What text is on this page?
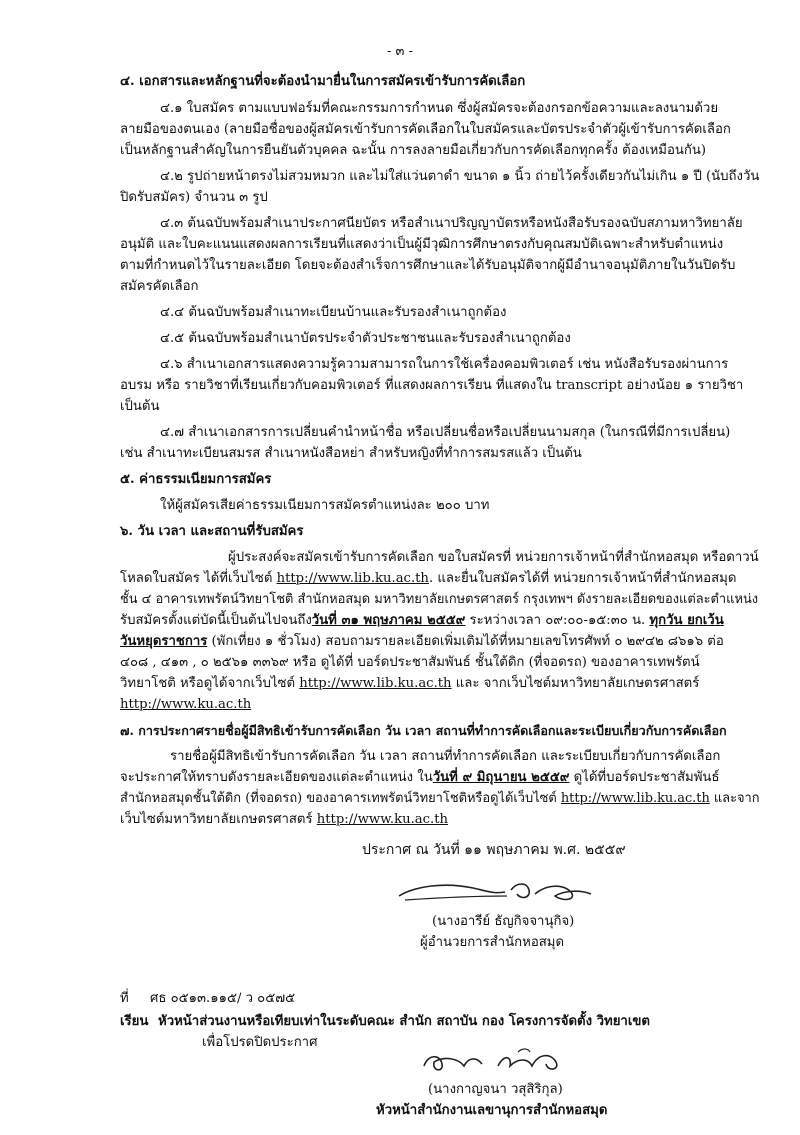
- ๓ -
๔. เอกสารและหลักฐานที่จะต้องนำมายื่นในการสมัครเข้ารับการคัดเลือก
๔.๑ ใบสมัคร ตามแบบฟอร์มที่คณะกรรมการกำหนด ซึ่งผู้สมัครจะต้องกรอกข้อความและลงนามด้วย
ลายมือของตนเอง (ลายมือชื่อของผู้สมัครเข้ารับการคัดเลือกในใบสมัครและบัตรประจำตัวผู้เข้ารับการคัดเลือก
เป็นหลักฐานสำคัญในการยืนยันตัวบุคคล ฉะนั้น การลงลายมือเกี่ยวกับการคัดเลือกทุกครั้ง ต้องเหมือนกัน)
๔.๒ รูปถ่ายหน้าตรงไม่สวมหมวก และไม่ใส่แว่นตาดำ ขนาด ๑ นิ้ว ถ่ายไว้ครั้งเดียวกันไม่เกิน ๑ ปี (นับถึงวัน
ปิดรับสมัคร) จำนวน ๓ รูป
๔.๓ ต้นฉบับพร้อมสำเนาประกาศนียบัตร หรือสำเนาปริญญาบัตรหรือหนังสือรับรองฉบับสภามหาวิทยาลัย
อนุมัติ และใบคะแนนแสดงผลการเรียนที่แสดงว่าเป็นผู้มีวุฒิการศึกษาตรงกับคุณสมบัติเฉพาะสำหรับตำแหน่ง
ตามที่กำหนดไว้ในรายละเอียด โดยจะต้องสำเร็จการศึกษาและได้รับอนุมัติจากผู้มีอำนาจอนุมัติภายในวันปิดรับ
สมัครคัดเลือก
๔.๔ ต้นฉบับพร้อมสำเนาทะเบียนบ้านและรับรองสำเนาถูกต้อง
๔.๕ ต้นฉบับพร้อมสำเนาบัตรประจำตัวประชาชนและรับรองสำเนาถูกต้อง
๔.๖ สำเนาเอกสารแสดงความรู้ความสามารถในการใช้เครื่องคอมพิวเตอร์ เช่น หนังสือรับรองผ่านการ
อบรม หรือ รายวิชาที่เรียนเกี่ยวกับคอมพิวเตอร์ ที่แสดงผลการเรียน ที่แสดงใน transcript อย่างน้อย ๑ รายวิชา
เป็นต้น
๔.๗ สำเนาเอกสารการเปลี่ยนคำนำหน้าชื่อ หรือเปลี่ยนชื่อหรือเปลี่ยนนามสกุล (ในกรณีที่มีการเปลี่ยน)
เช่น สำเนาทะเบียนสมรส สำเนาหนังสือหย่า สำหรับหญิงที่ทำการสมรสแล้ว เป็นต้น
๕. ค่าธรรมเนียมการสมัคร
ให้ผู้สมัครเสียค่าธรรมเนียมการสมัครตำแหน่งละ ๒๐๐ บาท
๖. วัน เวลา และสถานที่รับสมัคร
ผู้ประสงค์จะสมัครเข้ารับการคัดเลือก ขอใบสมัครที่ หน่วยการเจ้าหน้าที่สำนักหอสมุด หรือดาวน์
โหลดใบสมัคร ได้ที่เว็บไซต์ http://www.lib.ku.ac.th. และยื่นใบสมัครได้ที่ หน่วยการเจ้าหน้าที่สำนักหอสมุด
ชั้น ๔ อาคารเทพรัตน์วิทยาโชติ สำนักหอสมุด มหาวิทยาลัยเกษตรศาสตร์ กรุงเทพฯ ดังรายละเอียดของแต่ละตำแหน่ง
รับสมัครตั้งแต่บัดนี้เป็นต้นไปจนถึงวันที่ ๓๑ พฤษภาคม ๒๕๕๙ ระหว่างเวลา ๐๙:๐๐-๑๕:๓๐ น. ทุกวัน ยกเว้น
วันหยุดราชการ (พักเที่ยง ๑ ชั่วโมง) สอบถามรายละเอียดเพิ่มเติมได้ที่หมายเลขโทรศัพท์ ๐ ๒๙๔๒ ๘๖๑๖ ต่อ
๔๐๘ , ๔๑๓ , ๐ ๒๕๖๑ ๓๓๖๙ หรือ ดูได้ที่ บอร์ดประชาสัมพันธ์ ชั้นใต้ดิก (ที่จอดรถ) ของอาคารเทพรัตน์
วิทยาโชติ หรือดูได้จากเว็บไซต์ http://www.lib.ku.ac.th และ จากเว็บไซต์มหาวิทยาลัยเกษตรศาสตร์
http://www.ku.ac.th
๗. การประกาศรายชื่อผู้มีสิทธิเข้ารับการคัดเลือก วัน เวลา สถานที่ทำการคัดเลือกและระเบียบเกี่ยวกับการคัดเลือก
รายชื่อผู้มีสิทธิเข้ารับการคัดเลือก วัน เวลา สถานที่ทำการคัดเลือก และระเบียบเกี่ยวกับการคัดเลือก
จะประกาศให้ทราบดังรายละเอียดของแต่ละตำแหน่ง ในวันที่ ๙ มิถุนายน ๒๕๕๙ ดูได้ที่บอร์ดประชาสัมพันธ์
สำนักหอสมุดชั้นใต้ดิก (ที่จอดรถ) ของอาคารเทพรัตน์วิทยาโชติหรือดูได้เว็บไซต์ http://www.lib.ku.ac.th และจาก
เว็บไซต์มหาวิทยาลัยเกษตรศาสตร์ http://www.ku.ac.th
ประกาศ ณ วันที่ ๑๑ พฤษภาคม พ.ศ. ๒๕๕๙
(นางอารีย์ ธัญกิจจานุกิจ)
ผู้อำนวยการสำนักหอสมุด
ที่ ศธ ๐๕๑๓.๑๑๕/ ว ๐๕๗๕
เรียน หัวหน้าส่วนงานหรือเทียบเท่าในระดับคณะ สำนัก สถาบัน กอง โครงการจัดตั้ง วิทยาเขต
เพื่อโปรดปิดประกาศ
(นางกาญจนา วสุสิริกุล)
หัวหน้าสำนักงานเลขานุการสำนักหอสมุด
